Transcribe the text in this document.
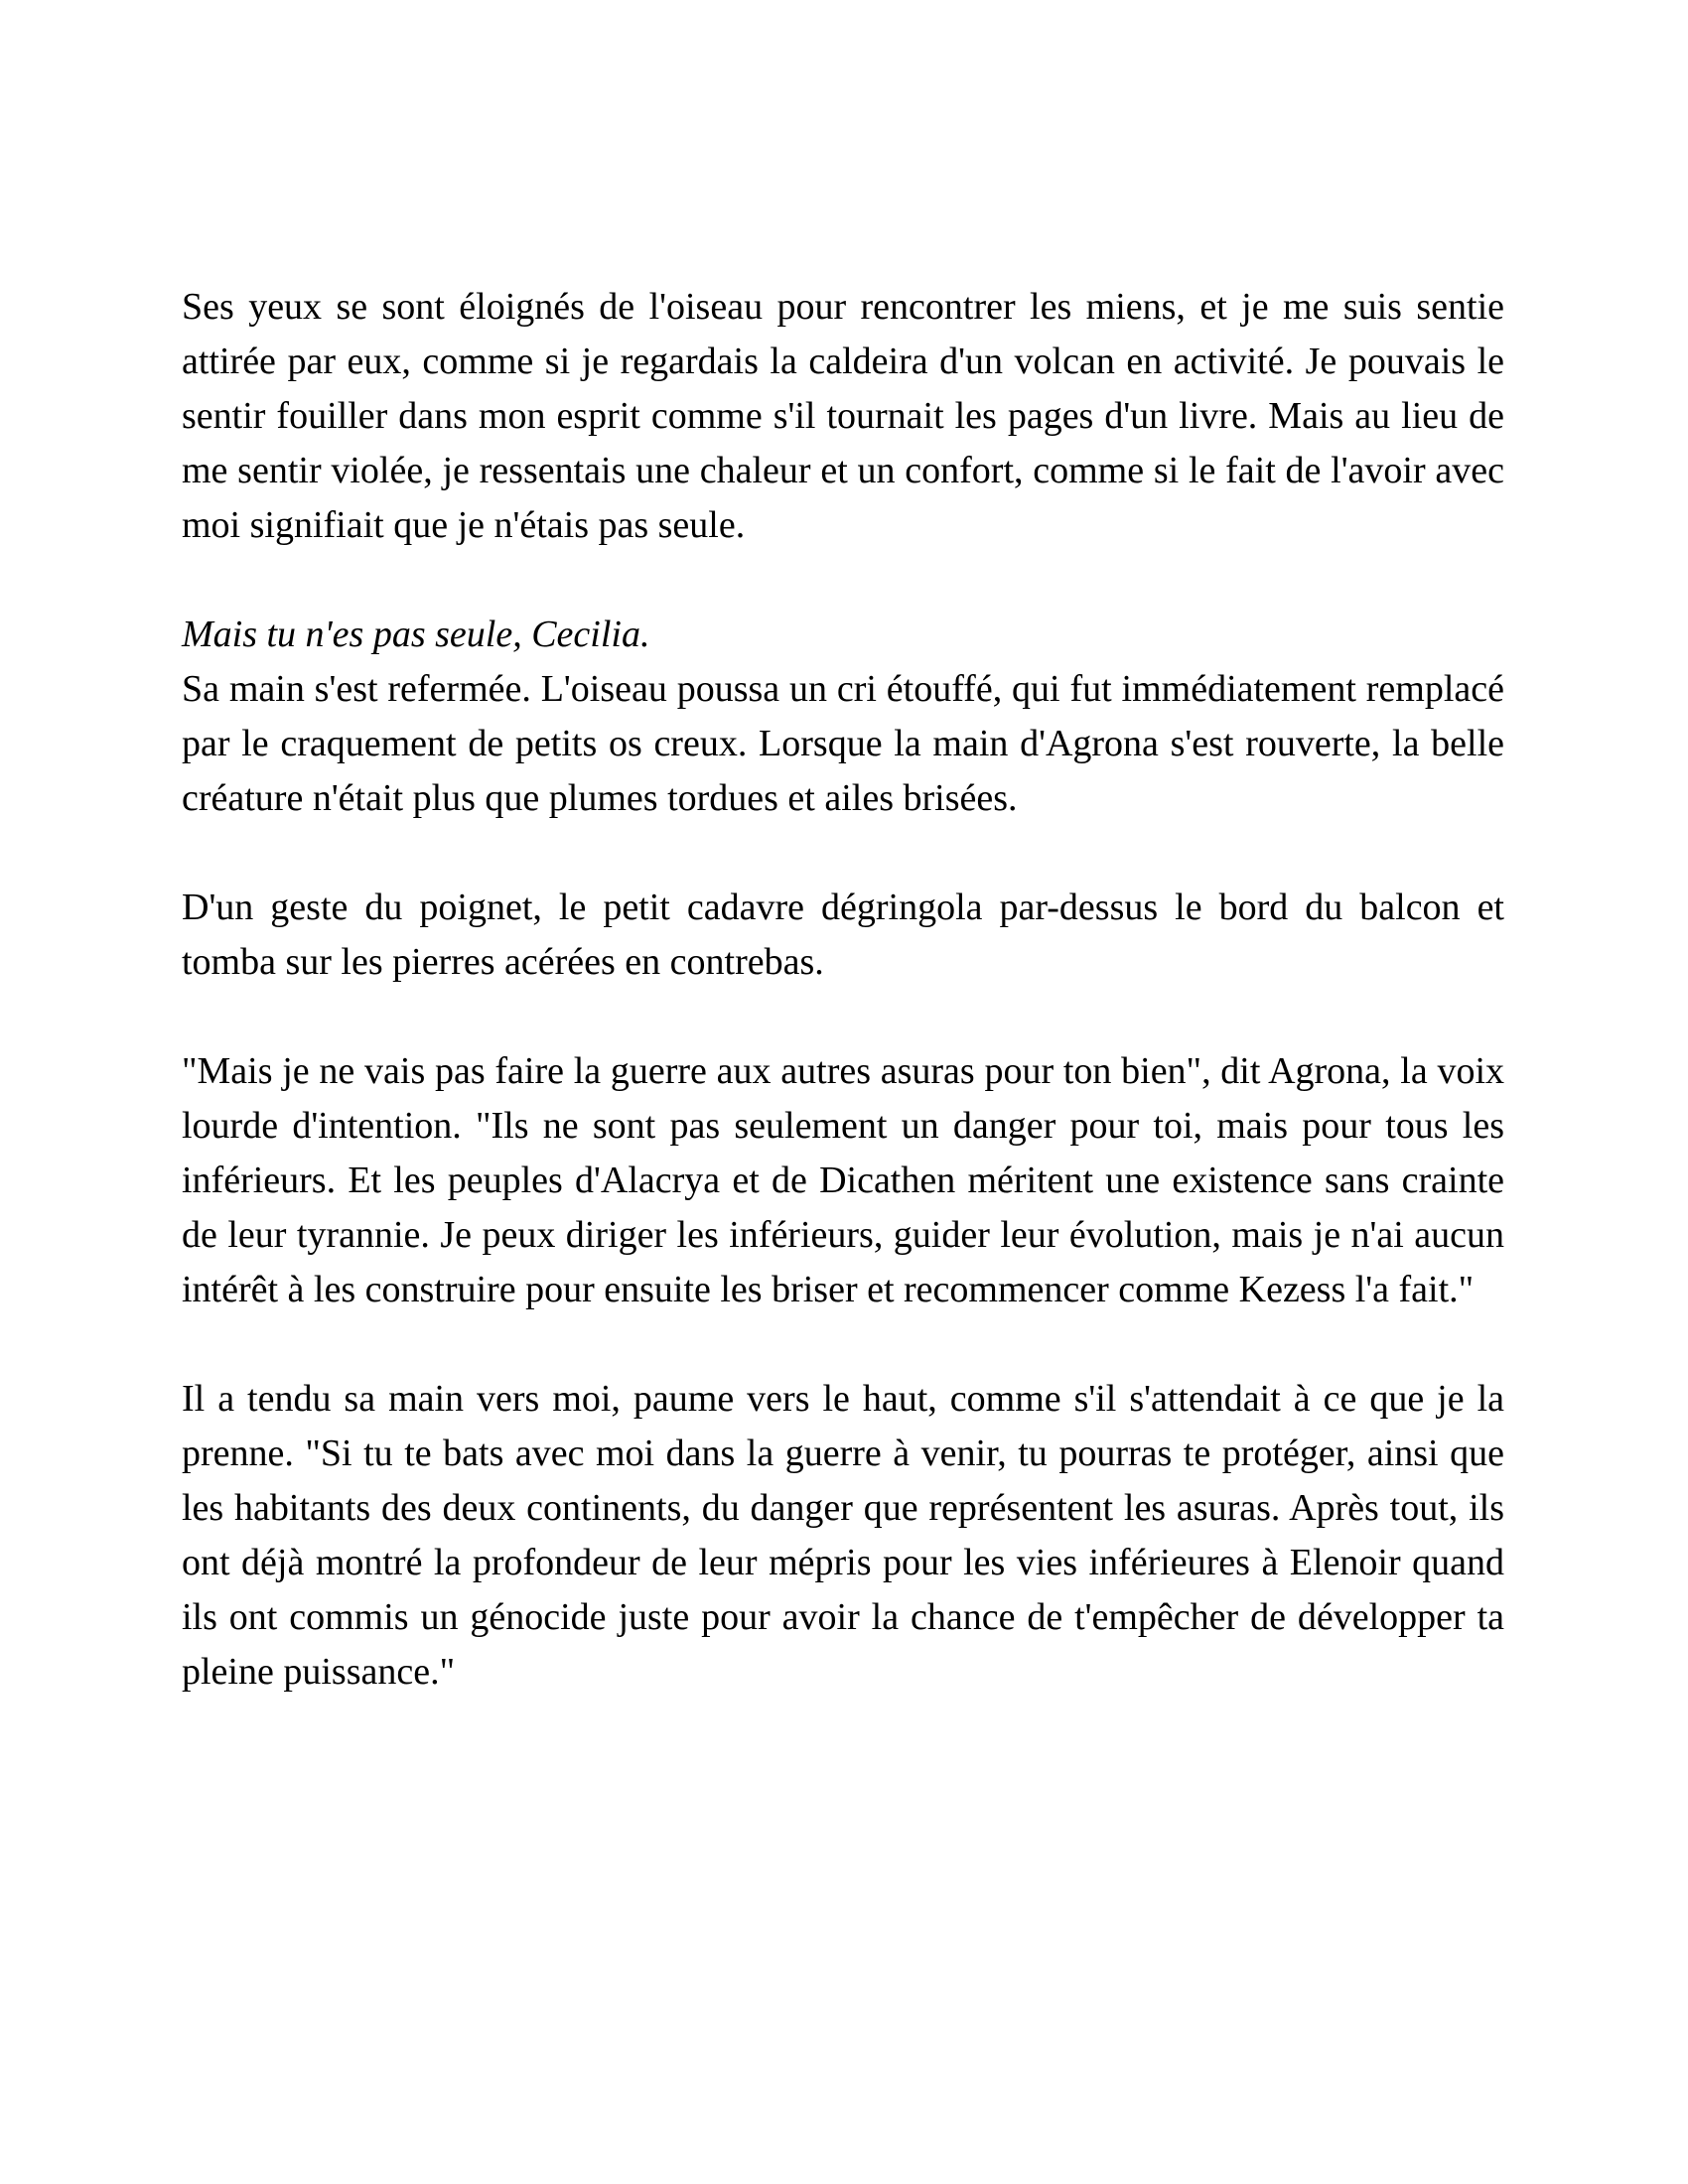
Ses yeux se sont éloignés de l'oiseau pour rencontrer les miens, et je me suis sentie attirée par eux, comme si je regardais la caldeira d'un volcan en activité. Je pouvais le sentir fouiller dans mon esprit comme s'il tournait les pages d'un livre. Mais au lieu de me sentir violée, je ressentais une chaleur et un confort, comme si le fait de l'avoir avec moi signifiait que je n'étais pas seule.

Mais tu n'es pas seule, Cecilia.

Sa main s'est refermée. L'oiseau poussa un cri étouffé, qui fut immédiatement remplacé par le craquement de petits os creux. Lorsque la main d'Agrona s'est rouverte, la belle créature n'était plus que plumes tordues et ailes brisées.

D'un geste du poignet, le petit cadavre dégringola par-dessus le bord du balcon et tomba sur les pierres acérées en contrebas.

"Mais je ne vais pas faire la guerre aux autres asuras pour ton bien", dit Agrona, la voix lourde d'intention. "Ils ne sont pas seulement un danger pour toi, mais pour tous les inférieurs. Et les peuples d'Alacrya et de Dicathen méritent une existence sans crainte de leur tyrannie. Je peux diriger les inférieurs, guider leur évolution, mais je n'ai aucun intérêt à les construire pour ensuite les briser et recommencer comme Kezess l'a fait."

Il a tendu sa main vers moi, paume vers le haut, comme s'il s'attendait à ce que je la prenne. "Si tu te bats avec moi dans la guerre à venir, tu pourras te protéger, ainsi que les habitants des deux continents, du danger que représentent les asuras. Après tout, ils ont déjà montré la profondeur de leur mépris pour les vies inférieures à Elenoir quand ils ont commis un génocide juste pour avoir la chance de t'empêcher de développer ta pleine puissance."
